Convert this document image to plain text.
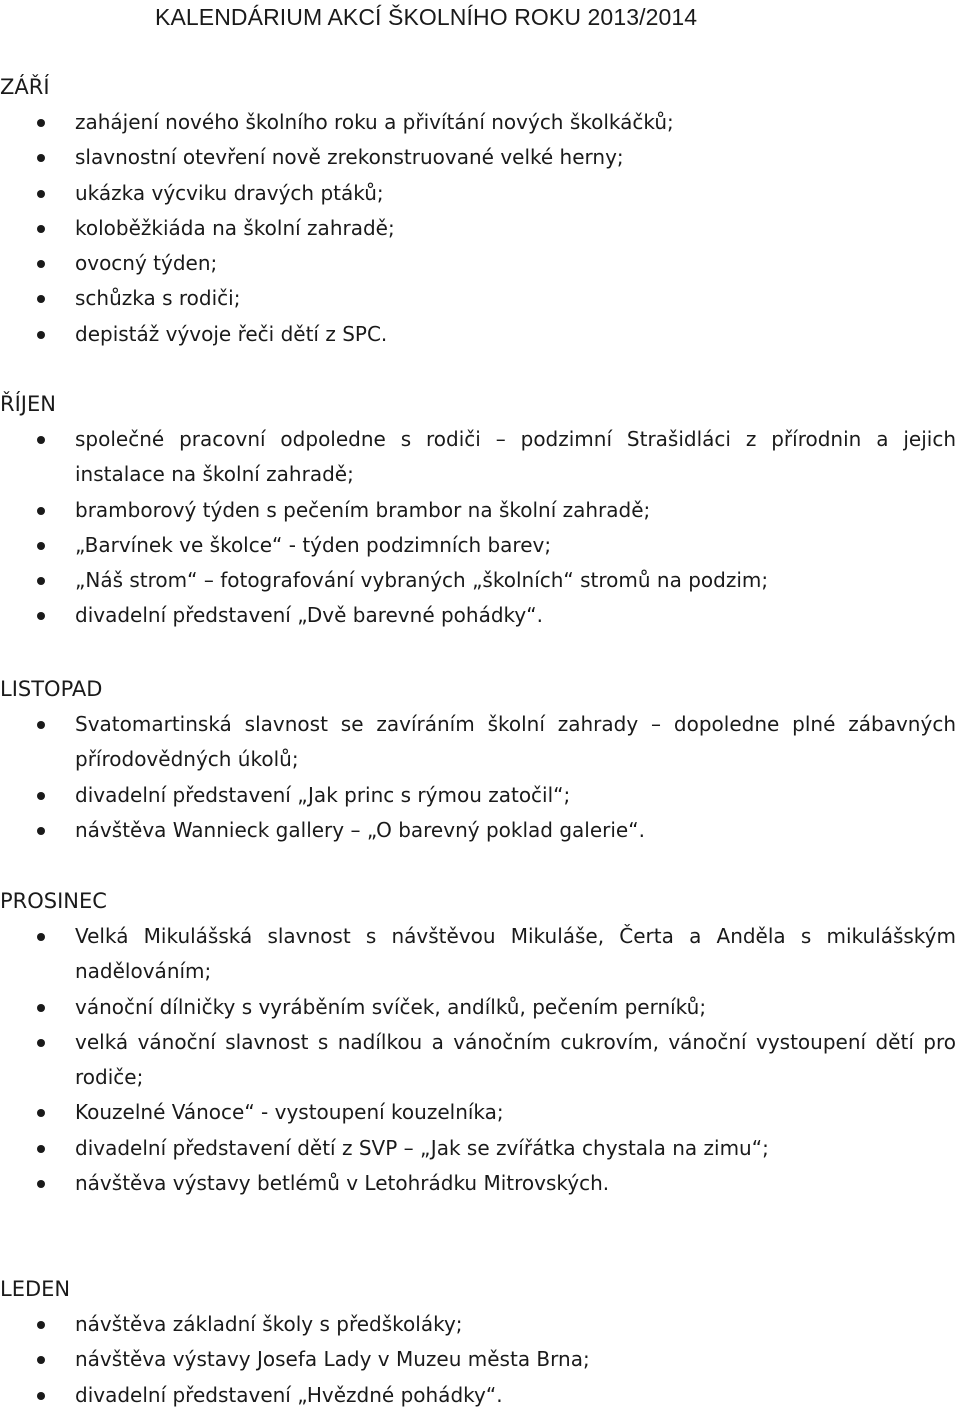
KALENDÁRIUM AKCÍ ŠKOLNÍHO ROKU 2013/2014
ZÁŘÍ
zahájení nového školního roku a přivítání nových školkáčků;
slavnostní otevření nově zrekonstruované velké herny;
ukázka výcviku dravých ptáků;
koloběžkiáda na školní zahradě;
ovocný týden;
schůzka s rodiči;
depistáž vývoje řeči dětí z SPC.
ŘÍJEN
společné pracovní odpoledne s rodiči – podzimní Strašidláci z přírodnin a jejich instalace na školní zahradě;
bramborový týden s pečením brambor na školní zahradě;
„Barvínek ve školce“ - týden podzimních barev;
„Náš strom“ – fotografování vybraných „školních“ stromů na podzim;
divadelní představení „Dvě barevné pohádky“.
LISTOPAD
Svatomartinská slavnost se zavíráním školní zahrady – dopoledne plné zábavných přírodovědných úkolů;
divadelní představení „Jak princ s rýmou zatočil“;
návštěva Wannieck gallery – „O barevný poklad galerie“.
PROSINEC
Velká Mikulášská slavnost s návštěvou Mikuláše, Čerta a Anděla s mikulášským nadělováním;
vánoční dílničky s vyráběním svíček, andílků, pečením perníků;
velká vánoční slavnost s nadílkou a vánočním cukrovím, vánoční vystoupení dětí pro rodiče;
Kouzelné Vánoce“ - vystoupení kouzelníka;
divadelní představení dětí z SVP – „Jak se zvířátka chystala na zimu“;
návštěva výstavy betlémů v Letohrádku Mitrovských.
LEDEN
návštěva základní školy s předškoláky;
návštěva výstavy Josefa Lady v Muzeu města Brna;
divadelní představení „Hvězdné pohádky“.
